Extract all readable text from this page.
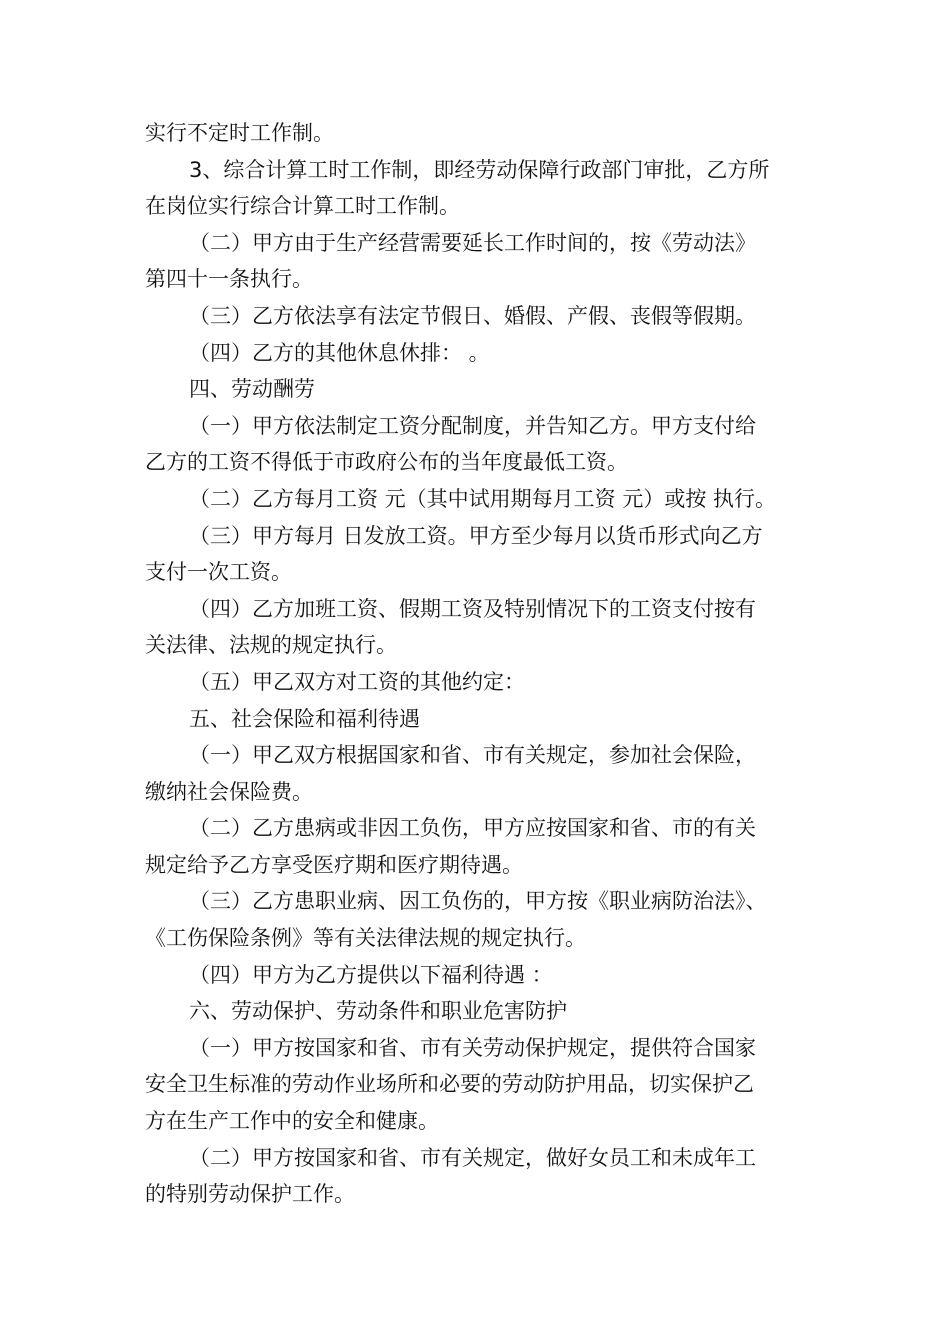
实行不定时工作制。
3、综合计算工时工作制，即经劳动保障行政部门审批，乙方所
在岗位实行综合计算工时工作制。
（二）甲方由于生产经营需要延长工作时间的，按《劳动法》
第四十一条执行。
（三）乙方依法享有法定节假日、婚假、产假、丧假等假期。
（四）乙方的其他休息休排： 。
四、劳动酬劳
（一）甲方依法制定工资分配制度，并告知乙方。甲方支付给
乙方的工资不得低于市政府公布的当年度最低工资。
（二）乙方每月工资 元（其中试用期每月工资 元）或按 执行。
（三）甲方每月 日发放工资。甲方至少每月以货币形式向乙方
支付一次工资。
（四）乙方加班工资、假期工资及特别情况下的工资支付按有
关法律、法规的规定执行。
（五）甲乙双方对工资的其他约定：
五、社会保险和福利待遇
（一）甲乙双方根据国家和省、市有关规定，参加社会保险，
缴纳社会保险费。
（二）乙方患病或非因工负伤，甲方应按国家和省、市的有关
规定给予乙方享受医疗期和医疗期待遇。
（三）乙方患职业病、因工负伤的，甲方按《职业病防治法》、
《工伤保险条例》等有关法律法规的规定执行。
（四）甲方为乙方提供以下福利待遇 ：
六、劳动保护、劳动条件和职业危害防护
（一）甲方按国家和省、市有关劳动保护规定，提供符合国家
安全卫生标准的劳动作业场所和必要的劳动防护用品，切实保护乙
方在生产工作中的安全和健康。
（二）甲方按国家和省、市有关规定，做好女员工和未成年工
的特别劳动保护工作。
